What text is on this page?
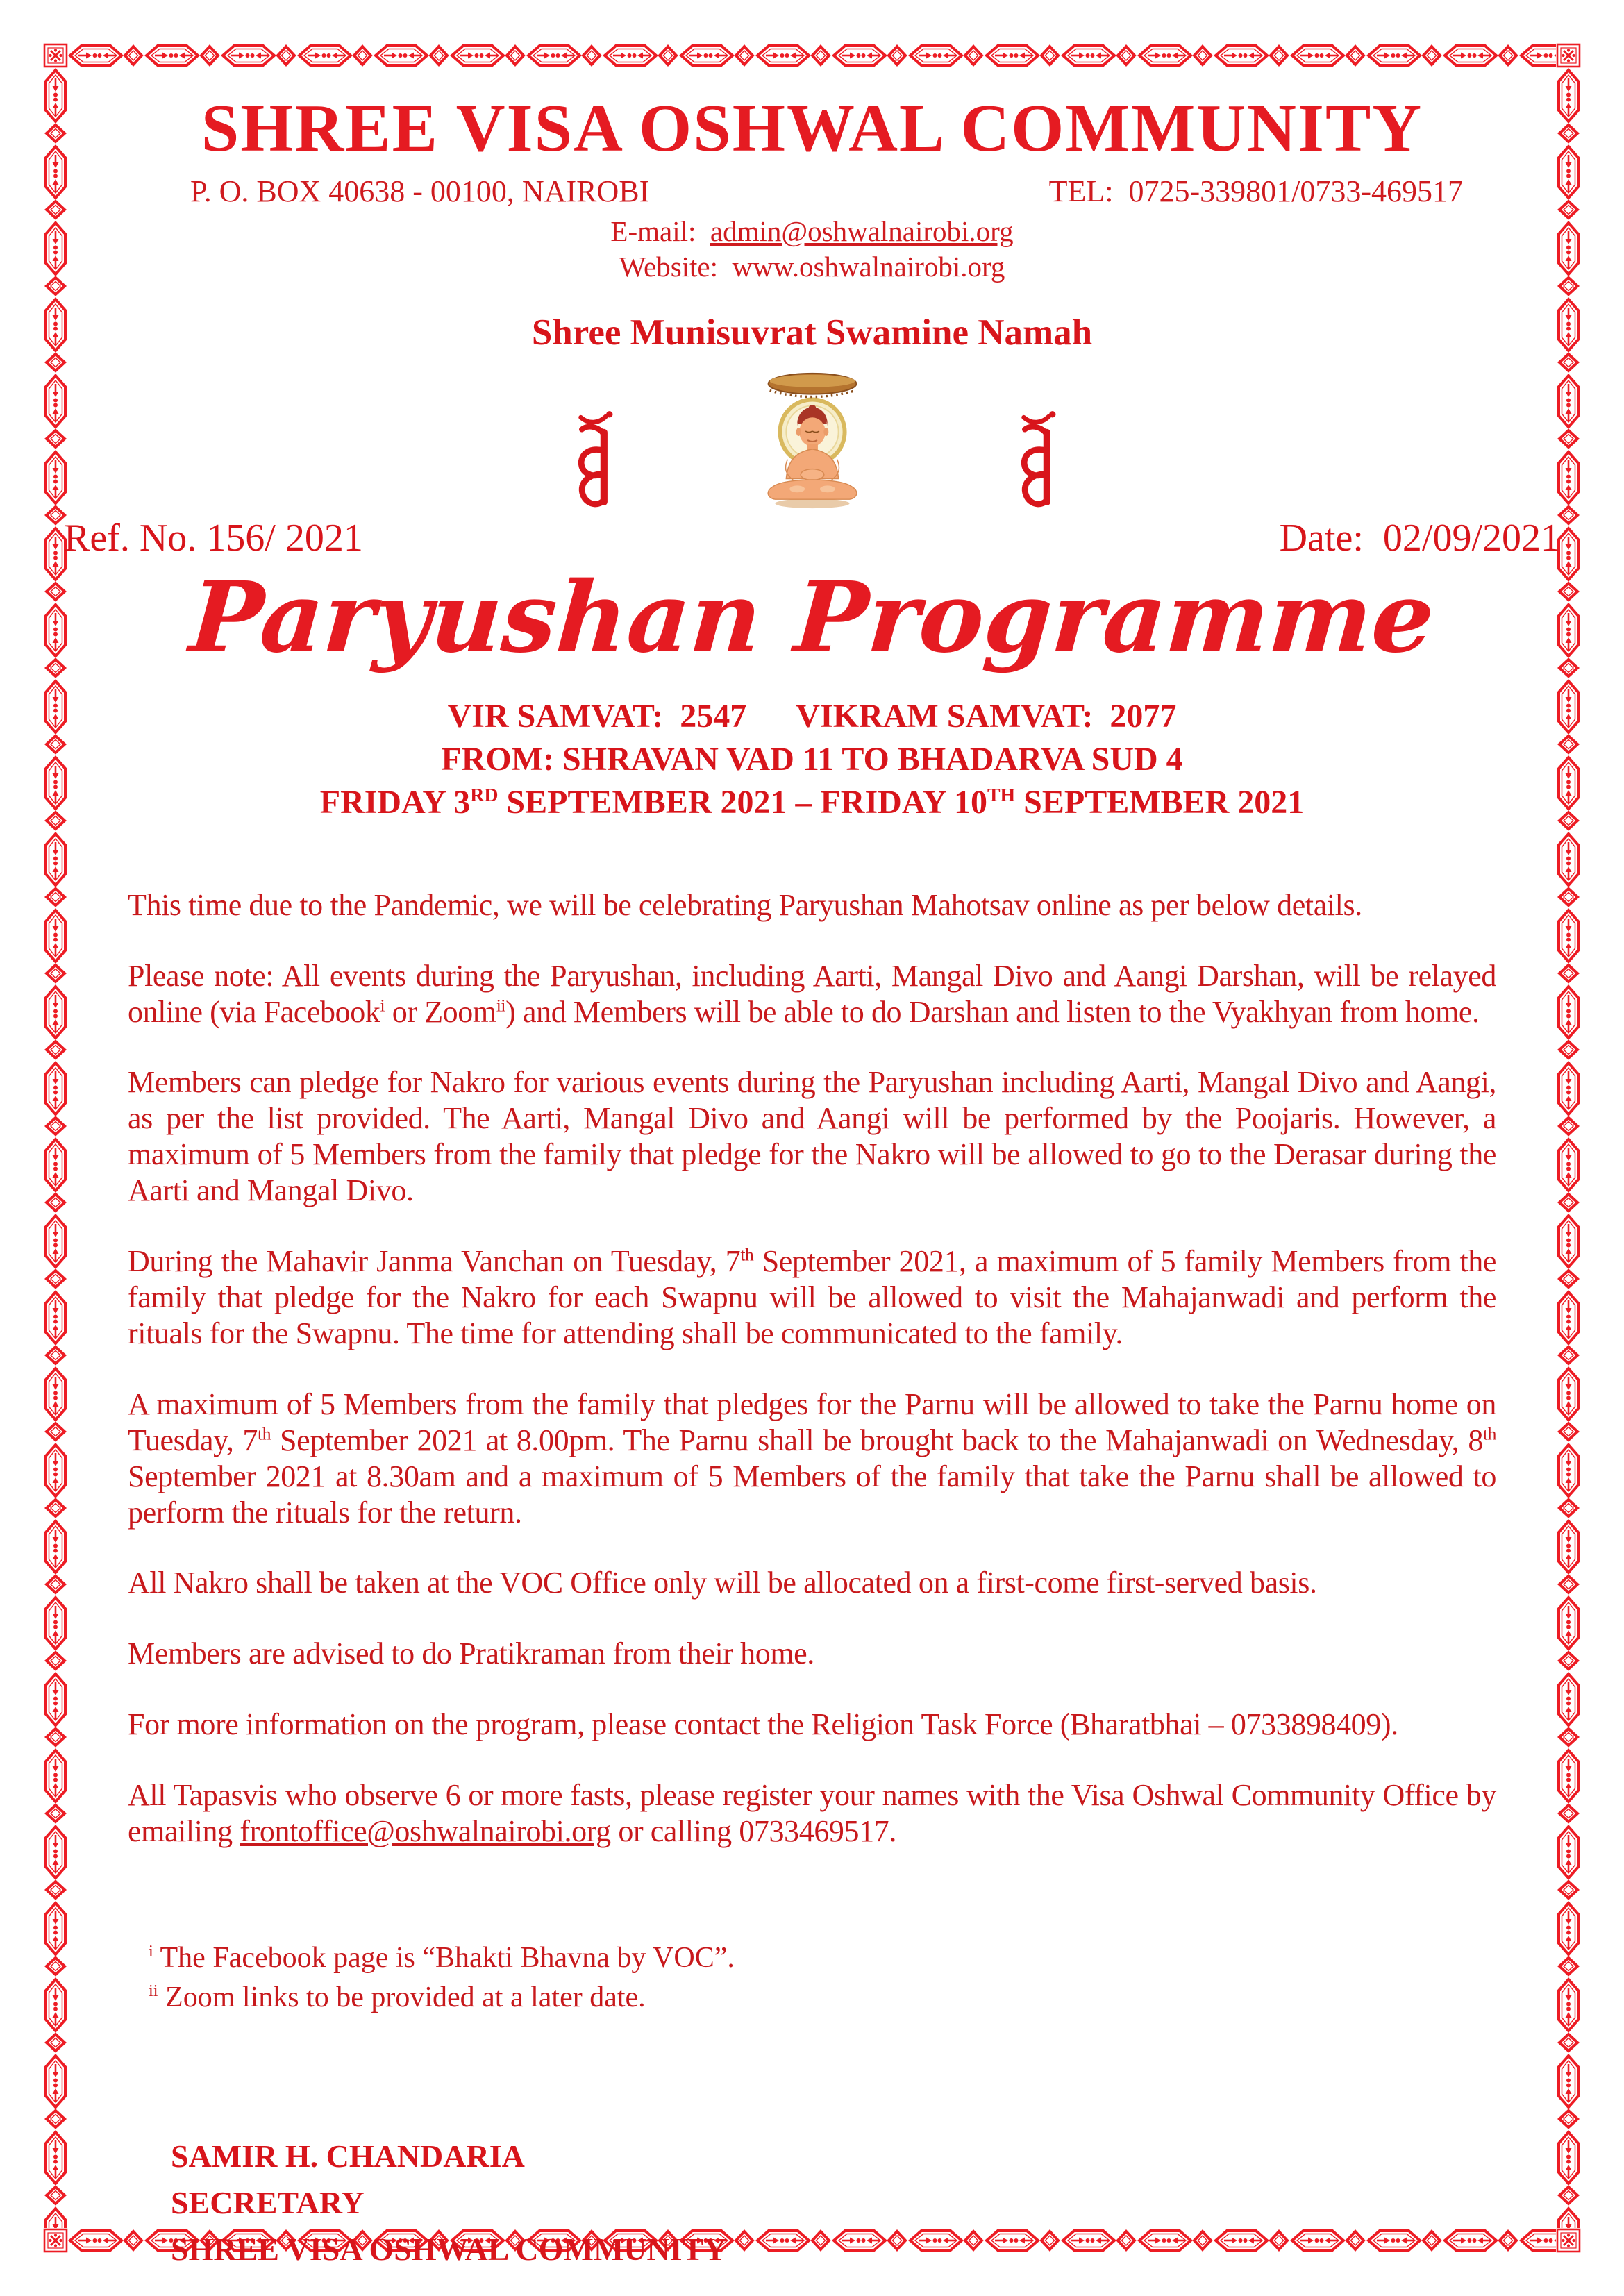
SHREE VISA OSHWAL COMMUNITY
P. O. BOX 40638 - 00100, NAIROBI	TEL:  0725-339801/0733-469517
E-mail:  admin@oshwalnairobi.org
Website:  www.oshwalnairobi.org
Shree Munisuvrat Swamine Namah
Ref. No. 156/ 2021	Date:  02/09/2021
Paryushan Programme
VIR SAMVAT:  2547      VIKRAM SAMVAT:  2077
FROM: SHRAVAN VAD 11 TO BHADARVA SUD 4
FRIDAY 3RD SEPTEMBER 2021 – FRIDAY 10TH SEPTEMBER 2021

This time due to the Pandemic, we will be celebrating Paryushan Mahotsav online as per below details.

Please note: All events during the Paryushan, including Aarti, Mangal Divo and Aangi Darshan, will be relayed online (via Facebook$^i$ or Zoom$^{ii}$) and Members will be able to do Darshan and listen to the Vyakhyan from home.

Members can pledge for Nakro for various events during the Paryushan including Aarti, Mangal Divo and Aangi, as per the list provided. The Aarti, Mangal Divo and Aangi will be performed by the Poojaris. However, a maximum of 5 Members from the family that pledge for the Nakro will be allowed to go to the Derasar during the Aarti and Mangal Divo.

During the Mahavir Janma Vanchan on Tuesday, 7th September 2021, a maximum of 5 family Members from the family that pledge for the Nakro for each Swapnu will be allowed to visit the Mahajanwadi and perform the rituals for the Swapnu. The time for attending shall be communicated to the family.

A maximum of 5 Members from the family that pledges for the Parnu will be allowed to take the Parnu home on Tuesday, 7th September 2021 at 8.00pm. The Parnu shall be brought back to the Mahajanwadi on Wednesday, 8th September 2021 at 8.30am and a maximum of 5 Members of the family that take the Parnu shall be allowed to perform the rituals for the return.

All Nakro shall be taken at the VOC Office only will be allocated on a first-come first-served basis.

Members are advised to do Pratikraman from their home.

For more information on the program, please contact the Religion Task Force (Bharatbhai – 0733898409).

All Tapasvis who observe 6 or more fasts, please register your names with the Visa Oshwal Community Office by emailing frontoffice@oshwalnairobi.org or calling 0733469517.

$^i$ The Facebook page is “Bhakti Bhavna by VOC”.
$^{ii}$ Zoom links to be provided at a later date.
SAMIR H. CHANDARIA
SECRETARY
SHREE VISA OSHWAL COMMUNITY
